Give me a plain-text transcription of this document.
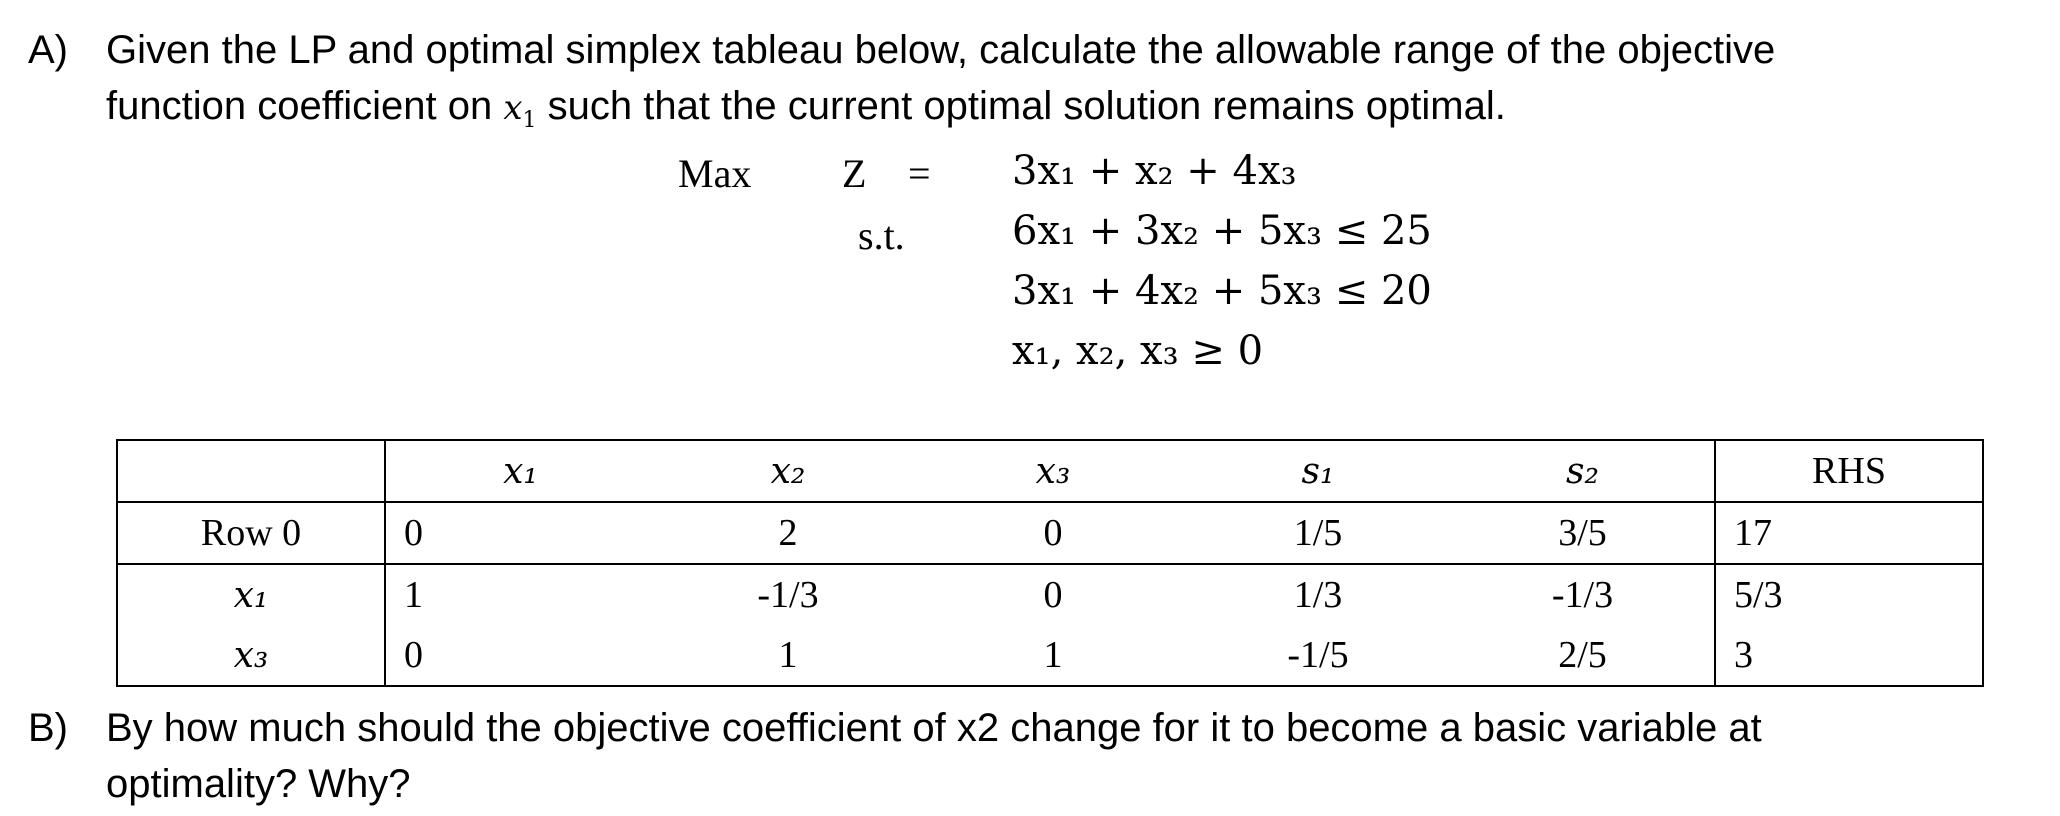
A) Given the LP and optimal simplex tableau below, calculate the allowable range of the objective
function coefficient on $x_1$ such that the current optimal solution remains optimal.
Max Z =
s.t.
3x₁ + x₂ + 4x₃
6x₁ + 3x₂ + 5x₃ ≤ 25
3x₁ + 4x₂ + 5x₃ ≤ 20
x₁, x₂, x₃ ≥ 0
	x₁	x₂	x₃	s₁	s₂	RHS
Row 0	0	2	0	1/5	3/5	17
x₁	1	-1/3	0	1/3	-1/3	5/3
x₃	0	1	1	-1/5	2/5	3
B) By how much should the objective coefficient of x2 change for it to become a basic variable at
optimality? Why?
